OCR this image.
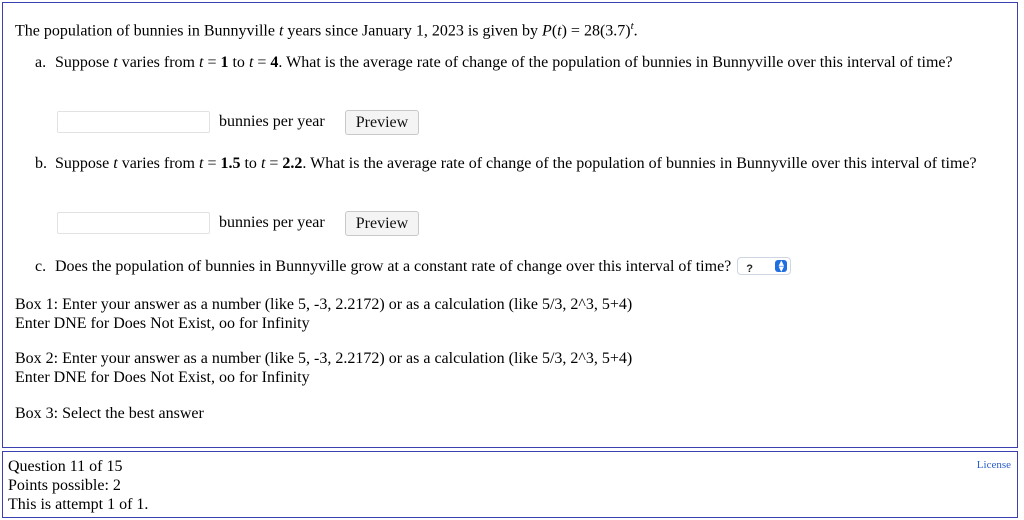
The population of bunnies in Bunnyville t years since January 1, 2023 is given by $P(t) = 28(3.7)^t$.
a. Suppose t varies from t = 1 to t = 4. What is the average rate of change of the population of bunnies in Bunnyville over this interval of time?
bunnies per year	Preview
b. Suppose t varies from t = 1.5 to t = 2.2. What is the average rate of change of the population of bunnies in Bunnyville over this interval of time?
bunnies per year	Preview
c. Does the population of bunnies in Bunnyville grow at a constant rate of change over this interval of time? ?	▲
▼
Box 1: Enter your answer as a number (like 5, -3, 2.2172) or as a calculation (like 5/3, 2^3, 5+4)
Enter DNE for Does Not Exist, oo for Infinity
Box 2: Enter your answer as a number (like 5, -3, 2.2172) or as a calculation (like 5/3, 2^3, 5+4)
Enter DNE for Does Not Exist, oo for Infinity
Box 3: Select the best answer
Question 11 of 15
Points possible: 2
This is attempt 1 of 1.
License
